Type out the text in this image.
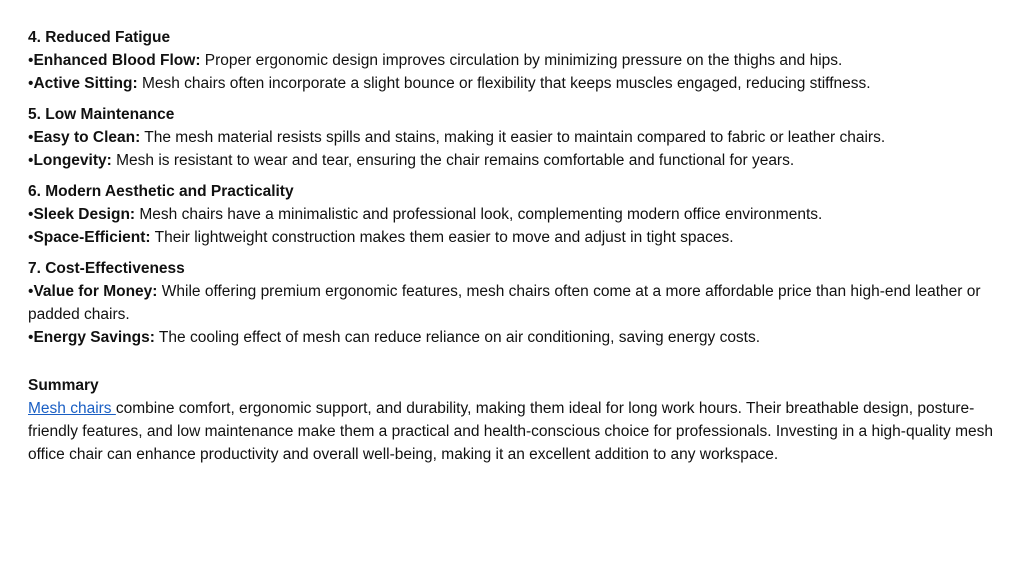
4. Reduced Fatigue

•Enhanced Blood Flow: Proper ergonomic design improves circulation by minimizing pressure on the thighs and hips.

•Active Sitting: Mesh chairs often incorporate a slight bounce or flexibility that keeps muscles engaged, reducing stiffness.

5. Low Maintenance

•Easy to Clean: The mesh material resists spills and stains, making it easier to maintain compared to fabric or leather chairs.

•Longevity: Mesh is resistant to wear and tear, ensuring the chair remains comfortable and functional for years.

6. Modern Aesthetic and Practicality

•Sleek Design: Mesh chairs have a minimalistic and professional look, complementing modern office environments.

•Space-Efficient: Their lightweight construction makes them easier to move and adjust in tight spaces.

7. Cost-Effectiveness

•Value for Money: While offering premium ergonomic features, mesh chairs often come at a more affordable price than high-end leather or padded chairs.

•Energy Savings: The cooling effect of mesh can reduce reliance on air conditioning, saving energy costs.

Summary

Mesh chairs combine comfort, ergonomic support, and durability, making them ideal for long work hours. Their breathable design, posture-friendly features, and low maintenance make them a practical and health-conscious choice for professionals. Investing in a high-quality mesh office chair can enhance productivity and overall well-being, making it an excellent addition to any workspace.
